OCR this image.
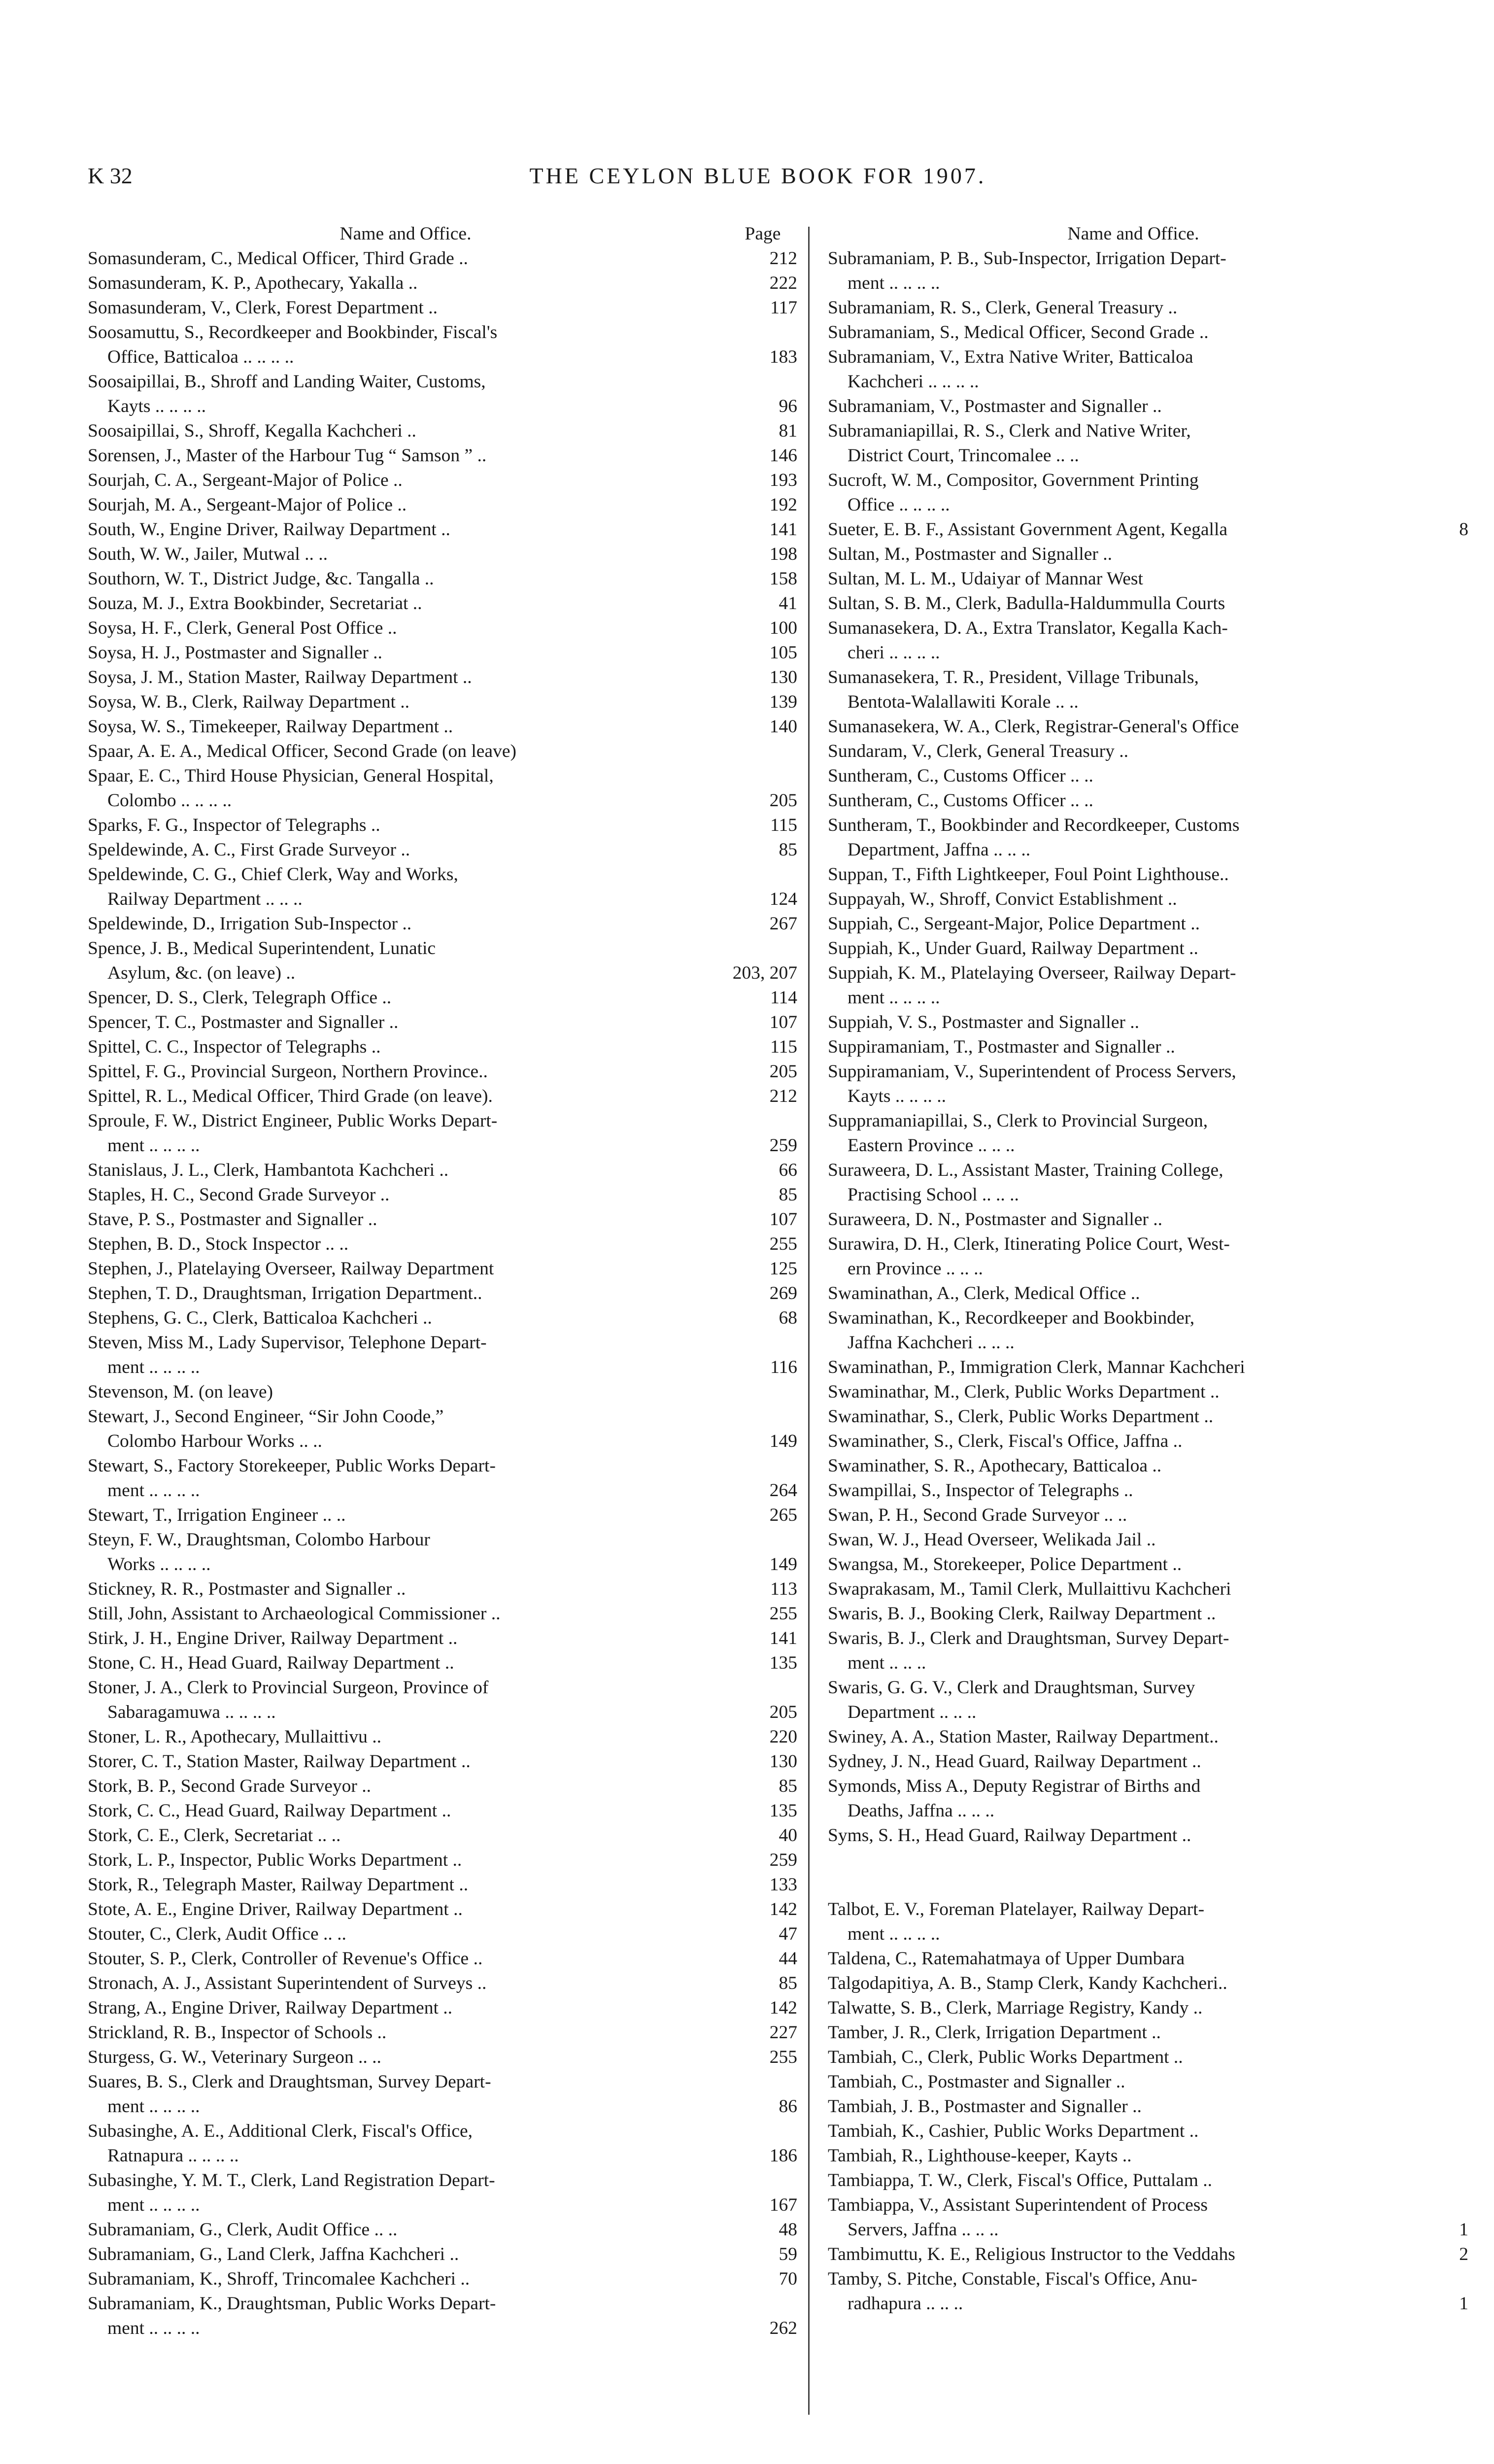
K 32	THE CEYLON BLUE BOOK FOR 1907.
Name and Office.	Page
Somasunderam, C., Medical Officer, Third Grade ..	212
Somasunderam, K. P., Apothecary, Yakalla ..	222
Somasunderam, V., Clerk, Forest Department ..	117
Soosamuttu, S., Recordkeeper and Bookbinder, Fiscal's
Office, Batticaloa .. .. .. ..	183
Soosaipillai, B., Shroff and Landing Waiter, Customs,
Kayts .. .. .. ..	96
Soosaipillai, S., Shroff, Kegalla Kachcheri ..	81
Sorensen, J., Master of the Harbour Tug “ Samson ” ..	146
Sourjah, C. A., Sergeant-Major of Police ..	193
Sourjah, M. A., Sergeant-Major of Police ..	192
South, W., Engine Driver, Railway Department ..	141
South, W. W., Jailer, Mutwal .. ..	198
Southorn, W. T., District Judge, &c. Tangalla ..	158
Souza, M. J., Extra Bookbinder, Secretariat ..	41
Soysa, H. F., Clerk, General Post Office ..	100
Soysa, H. J., Postmaster and Signaller ..	105
Soysa, J. M., Station Master, Railway Department ..	130
Soysa, W. B., Clerk, Railway Department ..	139
Soysa, W. S., Timekeeper, Railway Department ..	140
Spaar, A. E. A., Medical Officer, Second Grade (on leave)
Spaar, E. C., Third House Physician, General Hospital,
Colombo .. .. .. ..	205
Sparks, F. G., Inspector of Telegraphs ..	115
Speldewinde, A. C., First Grade Surveyor ..	85
Speldewinde, C. G., Chief Clerk, Way and Works,
Railway Department .. .. ..	124
Speldewinde, D., Irrigation Sub-Inspector ..	267
Spence, J. B., Medical Superintendent, Lunatic
Asylum, &c. (on leave) ..	203, 207
Spencer, D. S., Clerk, Telegraph Office ..	114
Spencer, T. C., Postmaster and Signaller ..	107
Spittel, C. C., Inspector of Telegraphs ..	115
Spittel, F. G., Provincial Surgeon, Northern Province..	205
Spittel, R. L., Medical Officer, Third Grade (on leave).	212
Sproule, F. W., District Engineer, Public Works Depart-
ment .. .. .. ..	259
Stanislaus, J. L., Clerk, Hambantota Kachcheri ..	66
Staples, H. C., Second Grade Surveyor ..	85
Stave, P. S., Postmaster and Signaller ..	107
Stephen, B. D., Stock Inspector .. ..	255
Stephen, J., Platelaying Overseer, Railway Department	125
Stephen, T. D., Draughtsman, Irrigation Department..	269
Stephens, G. C., Clerk, Batticaloa Kachcheri ..	68
Steven, Miss M., Lady Supervisor, Telephone Depart-
ment .. .. .. ..	116
Stevenson, M. (on leave)
Stewart, J., Second Engineer, “Sir John Coode,”
Colombo Harbour Works .. ..	149
Stewart, S., Factory Storekeeper, Public Works Depart-
ment .. .. .. ..	264
Stewart, T., Irrigation Engineer .. ..	265
Steyn, F. W., Draughtsman, Colombo Harbour
Works .. .. .. ..	149
Stickney, R. R., Postmaster and Signaller ..	113
Still, John, Assistant to Archaeological Commissioner ..	255
Stirk, J. H., Engine Driver, Railway Department ..	141
Stone, C. H., Head Guard, Railway Department ..	135
Stoner, J. A., Clerk to Provincial Surgeon, Province of
Sabaragamuwa .. .. .. ..	205
Stoner, L. R., Apothecary, Mullaittivu ..	220
Storer, C. T., Station Master, Railway Department ..	130
Stork, B. P., Second Grade Surveyor ..	85
Stork, C. C., Head Guard, Railway Department ..	135
Stork, C. E., Clerk, Secretariat .. ..	40
Stork, L. P., Inspector, Public Works Department ..	259
Stork, R., Telegraph Master, Railway Department ..	133
Stote, A. E., Engine Driver, Railway Department ..	142
Stouter, C., Clerk, Audit Office .. ..	47
Stouter, S. P., Clerk, Controller of Revenue's Office ..	44
Stronach, A. J., Assistant Superintendent of Surveys ..	85
Strang, A., Engine Driver, Railway Department ..	142
Strickland, R. B., Inspector of Schools ..	227
Sturgess, G. W., Veterinary Surgeon .. ..	255
Suares, B. S., Clerk and Draughtsman, Survey Depart-
ment .. .. .. ..	86
Subasinghe, A. E., Additional Clerk, Fiscal's Office,
Ratnapura .. .. .. ..	186
Subasinghe, Y. M. T., Clerk, Land Registration Depart-
ment .. .. .. ..	167
Subramaniam, G., Clerk, Audit Office .. ..	48
Subramaniam, G., Land Clerk, Jaffna Kachcheri ..	59
Subramaniam, K., Shroff, Trincomalee Kachcheri ..	70
Subramaniam, K., Draughtsman, Public Works Depart-
ment .. .. .. ..	262
Name and Office.
Subramaniam, P. B., Sub-Inspector, Irrigation Depart-
ment .. .. .. ..
Subramaniam, R. S., Clerk, General Treasury ..
Subramaniam, S., Medical Officer, Second Grade ..
Subramaniam, V., Extra Native Writer, Batticaloa
Kachcheri .. .. .. ..
Subramaniam, V., Postmaster and Signaller ..
Subramaniapillai, R. S., Clerk and Native Writer,
District Court, Trincomalee .. ..
Sucroft, W. M., Compositor, Government Printing
Office .. .. .. ..
Sueter, E. B. F., Assistant Government Agent, Kegalla	8
Sultan, M., Postmaster and Signaller ..
Sultan, M. L. M., Udaiyar of Mannar West
Sultan, S. B. M., Clerk, Badulla-Haldummulla Courts
Sumanasekera, D. A., Extra Translator, Kegalla Kach-
cheri .. .. .. ..
Sumanasekera, T. R., President, Village Tribunals,
Bentota-Walallawiti Korale .. ..
Sumanasekera, W. A., Clerk, Registrar-General's Office
Sundaram, V., Clerk, General Treasury ..
Suntheram, C., Customs Officer .. ..
Suntheram, C., Customs Officer .. ..
Suntheram, T., Bookbinder and Recordkeeper, Customs
Department, Jaffna .. .. ..
Suppan, T., Fifth Lightkeeper, Foul Point Lighthouse..
Suppayah, W., Shroff, Convict Establishment ..
Suppiah, C., Sergeant-Major, Police Department ..
Suppiah, K., Under Guard, Railway Department ..
Suppiah, K. M., Platelaying Overseer, Railway Depart-
ment .. .. .. ..
Suppiah, V. S., Postmaster and Signaller ..
Suppiramaniam, T., Postmaster and Signaller ..
Suppiramaniam, V., Superintendent of Process Servers,
Kayts .. .. .. ..
Suppramaniapillai, S., Clerk to Provincial Surgeon,
Eastern Province .. .. ..
Suraweera, D. L., Assistant Master, Training College,
Practising School .. .. ..
Suraweera, D. N., Postmaster and Signaller ..
Surawira, D. H., Clerk, Itinerating Police Court, West-
ern Province .. .. ..
Swaminathan, A., Clerk, Medical Office ..
Swaminathan, K., Recordkeeper and Bookbinder,
Jaffna Kachcheri .. .. ..
Swaminathan, P., Immigration Clerk, Mannar Kachcheri
Swaminathar, M., Clerk, Public Works Department ..
Swaminathar, S., Clerk, Public Works Department ..
Swaminather, S., Clerk, Fiscal's Office, Jaffna ..
Swaminather, S. R., Apothecary, Batticaloa ..
Swampillai, S., Inspector of Telegraphs ..
Swan, P. H., Second Grade Surveyor .. ..
Swan, W. J., Head Overseer, Welikada Jail ..
Swangsa, M., Storekeeper, Police Department ..
Swaprakasam, M., Tamil Clerk, Mullaittivu Kachcheri
Swaris, B. J., Booking Clerk, Railway Department ..
Swaris, B. J., Clerk and Draughtsman, Survey Depart-
ment .. .. ..
Swaris, G. G. V., Clerk and Draughtsman, Survey
Department .. .. ..
Swiney, A. A., Station Master, Railway Department..
Sydney, J. N., Head Guard, Railway Department ..
Symonds, Miss A., Deputy Registrar of Births and
Deaths, Jaffna .. .. ..
Syms, S. H., Head Guard, Railway Department ..
Talbot, E. V., Foreman Platelayer, Railway Depart-
ment .. .. .. ..
Taldena, C., Ratemahatmaya of Upper Dumbara
Talgodapitiya, A. B., Stamp Clerk, Kandy Kachcheri..
Talwatte, S. B., Clerk, Marriage Registry, Kandy ..
Tamber, J. R., Clerk, Irrigation Department ..
Tambiah, C., Clerk, Public Works Department ..
Tambiah, C., Postmaster and Signaller ..
Tambiah, J. B., Postmaster and Signaller ..
Tambiah, K., Cashier, Public Works Department ..
Tambiah, R., Lighthouse-keeper, Kayts ..
Tambiappa, T. W., Clerk, Fiscal's Office, Puttalam ..
Tambiappa, V., Assistant Superintendent of Process
Servers, Jaffna .. .. ..	1
Tambimuttu, K. E., Religious Instructor to the Veddahs	2
Tamby, S. Pitche, Constable, Fiscal's Office, Anu-
radhapura .. .. ..	1
